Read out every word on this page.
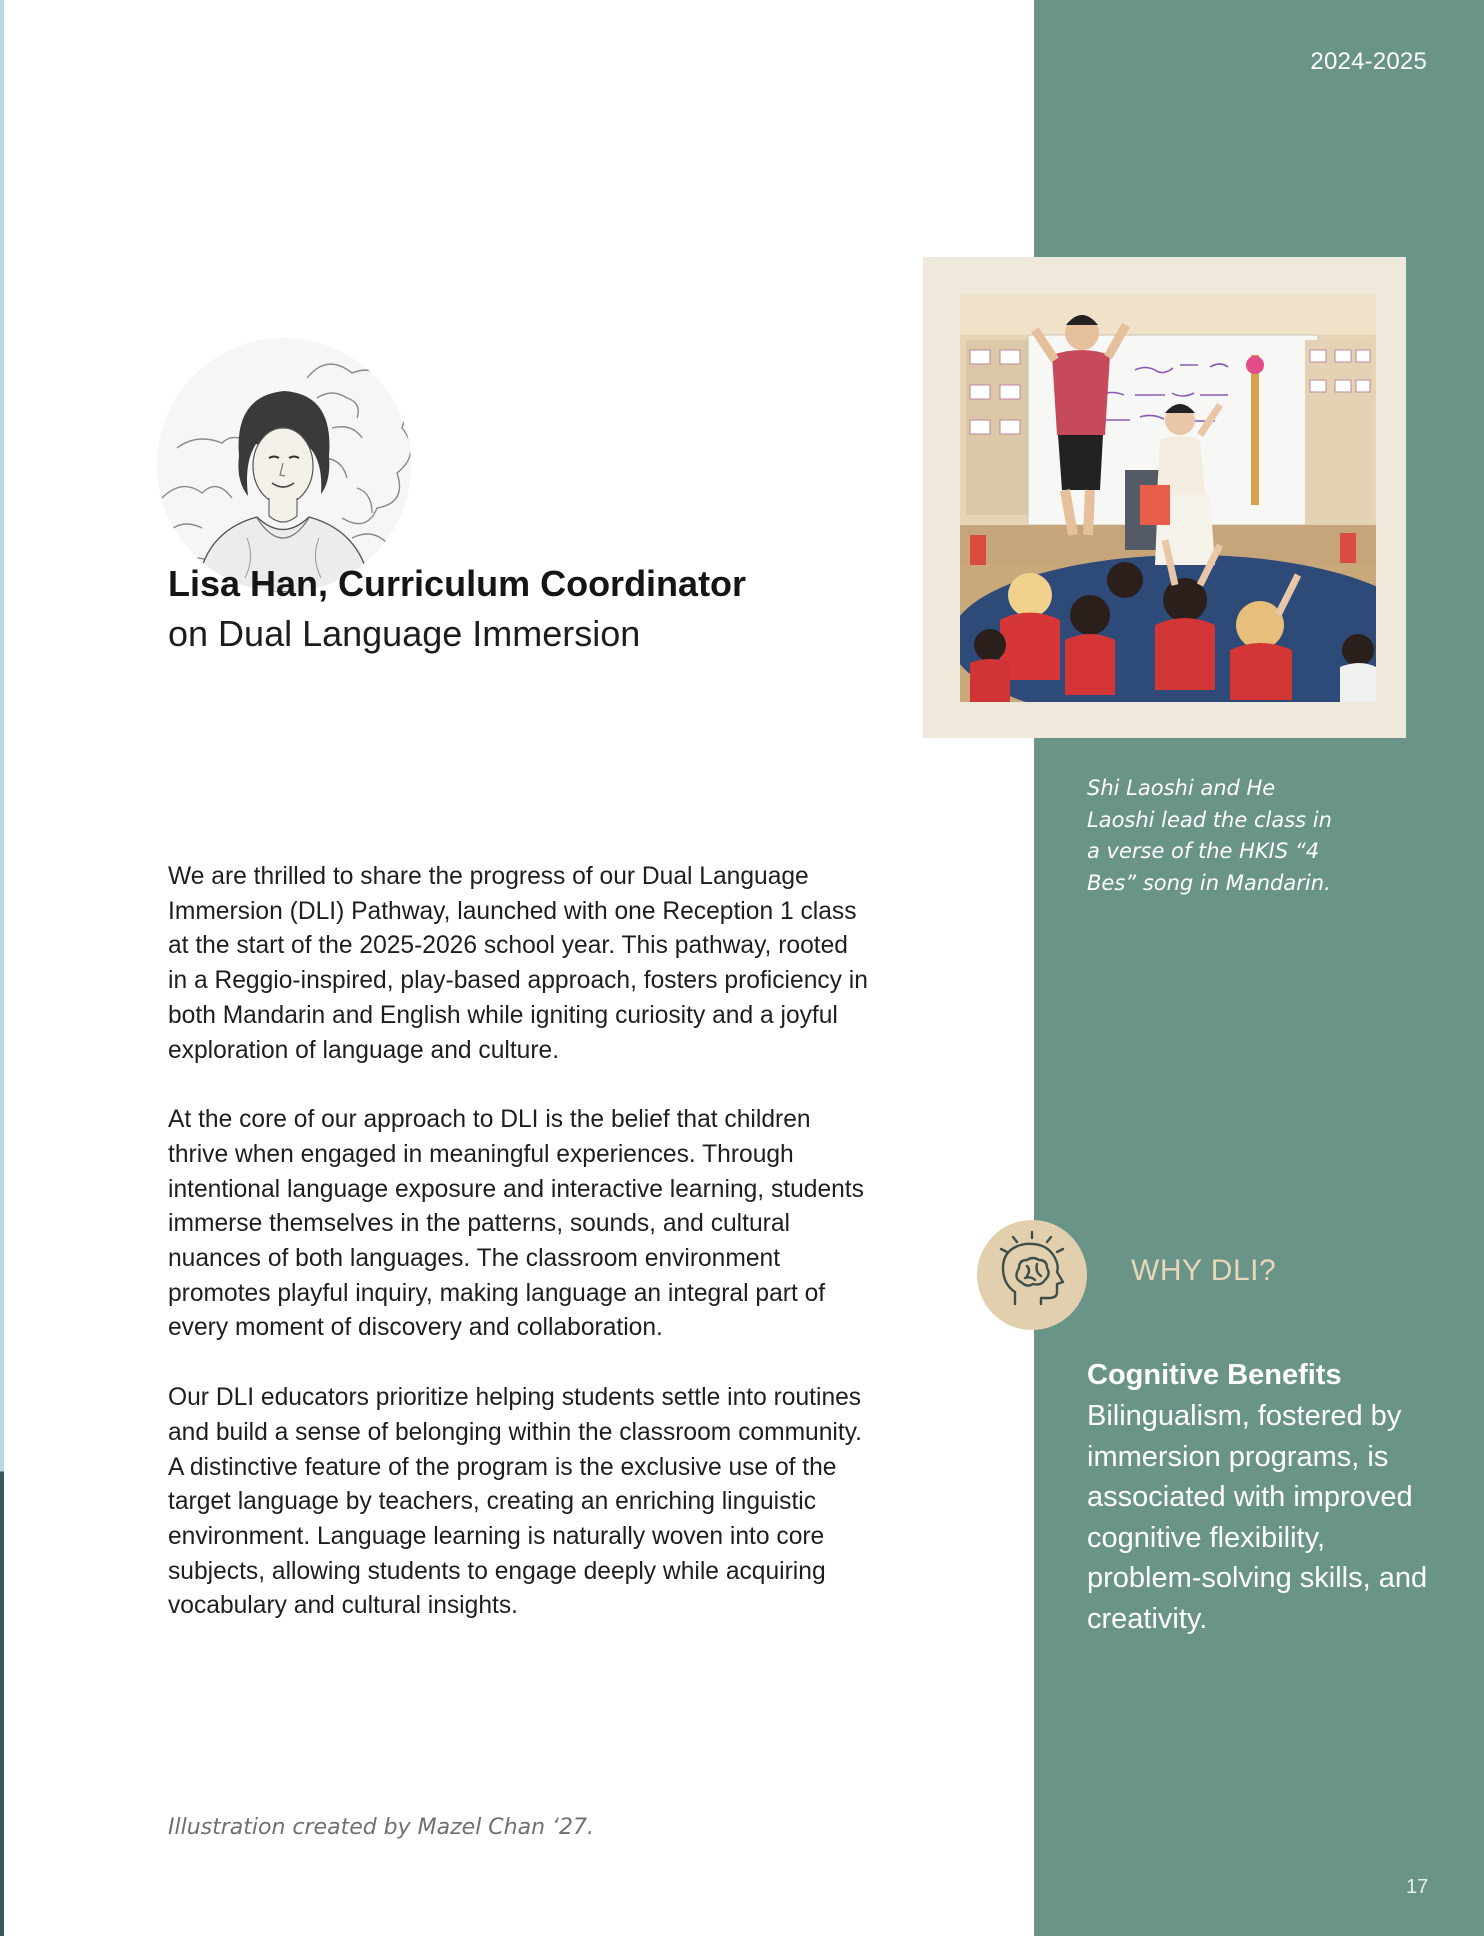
2024-2025
Lisa Han, Curriculum Coordinator
on Dual Language Immersion

We are thrilled to share the progress of our Dual Language Immersion (DLI) Pathway, launched with one Reception 1 class at the start of the 2025-2026 school year. This pathway, rooted in a Reggio-inspired, play-based approach, fosters proficiency in both Mandarin and English while igniting curiosity and a joyful exploration of language and culture.

At the core of our approach to DLI is the belief that children thrive when engaged in meaningful experiences. Through intentional language exposure and interactive learning, students immerse themselves in the patterns, sounds, and cultural nuances of both languages. The classroom environment promotes playful inquiry, making language an integral part of every moment of discovery and collaboration.

Our DLI educators prioritize helping students settle into routines and build a sense of belonging within the classroom community. A distinctive feature of the program is the exclusive use of the target language by teachers, creating an enriching linguistic environment. Language learning is naturally woven into core subjects, allowing students to engage deeply while acquiring vocabulary and cultural insights.

Illustration created by Mazel Chan ‘27.
Shi Laoshi and He Laoshi lead the class in a verse of the HKIS “4 Bes” song in Mandarin.
WHY DLI?
Cognitive Benefits
Bilingualism, fostered by immersion programs, is associated with improved cognitive flexibility, problem-solving skills, and creativity.
17
